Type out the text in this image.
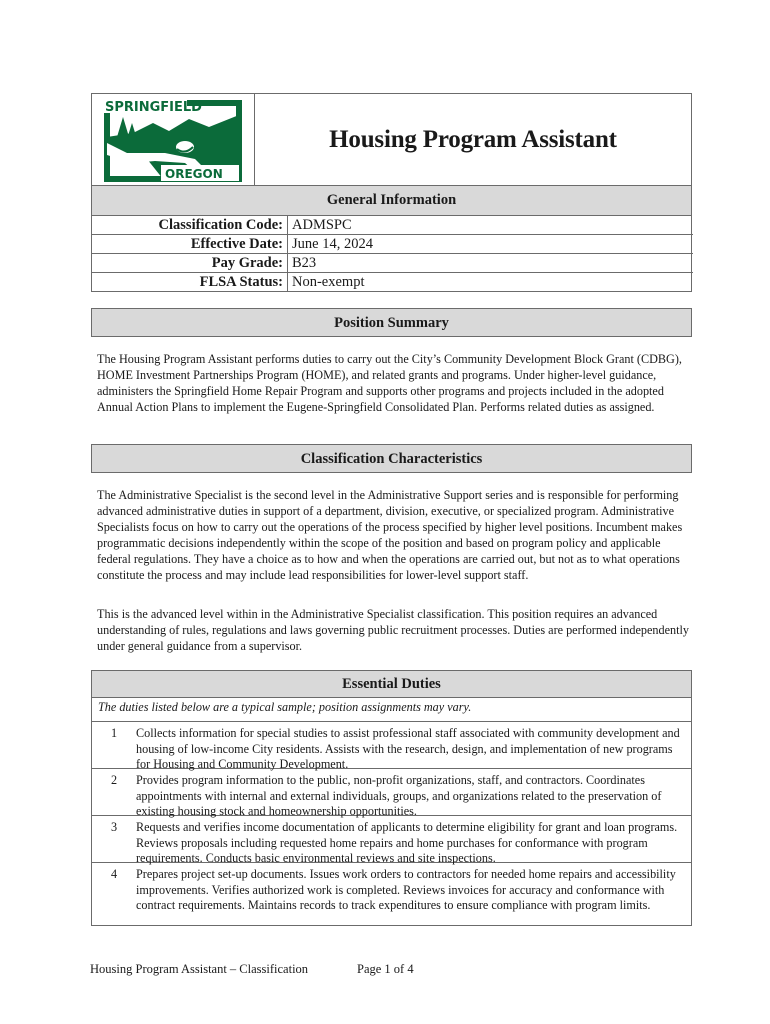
SPRINGFIELD
OREGON
Housing Program Assistant
General Information
Classification Code:	ADMSPC
Effective Date:	June 14, 2024
Pay Grade:	B23
FLSA Status:	Non-exempt
Position Summary

The Housing Program Assistant performs duties to carry out the City’s Community Development Block Grant (CDBG), HOME Investment Partnerships Program (HOME), and related grants and programs. Under higher-level guidance, administers the Springfield Home Repair Program and supports other programs and projects included in the adopted Annual Action Plans to implement the Eugene-Springfield Consolidated Plan. Performs related duties as assigned.

Classification Characteristics

The Administrative Specialist is the second level in the Administrative Support series and is responsible for performing advanced administrative duties in support of a department, division, executive, or specialized program. Administrative Specialists focus on how to carry out the operations of the process specified by higher level positions. Incumbent makes programmatic decisions independently within the scope of the position and based on program policy and applicable federal regulations. They have a choice as to how and when the operations are carried out, but not as to what operations constitute the process and may include lead responsibilities for lower-level support staff.

This is the advanced level within in the Administrative Specialist classification. This position requires an advanced understanding of rules, regulations and laws governing public recruitment processes. Duties are performed independently under general guidance from a supervisor.

Essential Duties
The duties listed below are a typical sample; position assignments may vary.
1	Collects information for special studies to assist professional staff associated with community development and housing of low-income City residents. Assists with the research, design, and implementation of new programs for Housing and Community Development.
2	Provides program information to the public, non-profit organizations, staff, and contractors. Coordinates appointments with internal and external individuals, groups, and organizations related to the preservation of existing housing stock and homeownership opportunities.
3	Requests and verifies income documentation of applicants to determine eligibility for grant and loan programs. Reviews proposals including requested home repairs and home purchases for conformance with program requirements. Conducts basic environmental reviews and site inspections.
4	Prepares project set-up documents. Issues work orders to contractors for needed home repairs and accessibility improvements. Verifies authorized work is completed. Reviews invoices for accuracy and conformance with contract requirements. Maintains records to track expenditures to ensure compliance with program limits.
Housing Program Assistant – Classification	Page 1 of 4
